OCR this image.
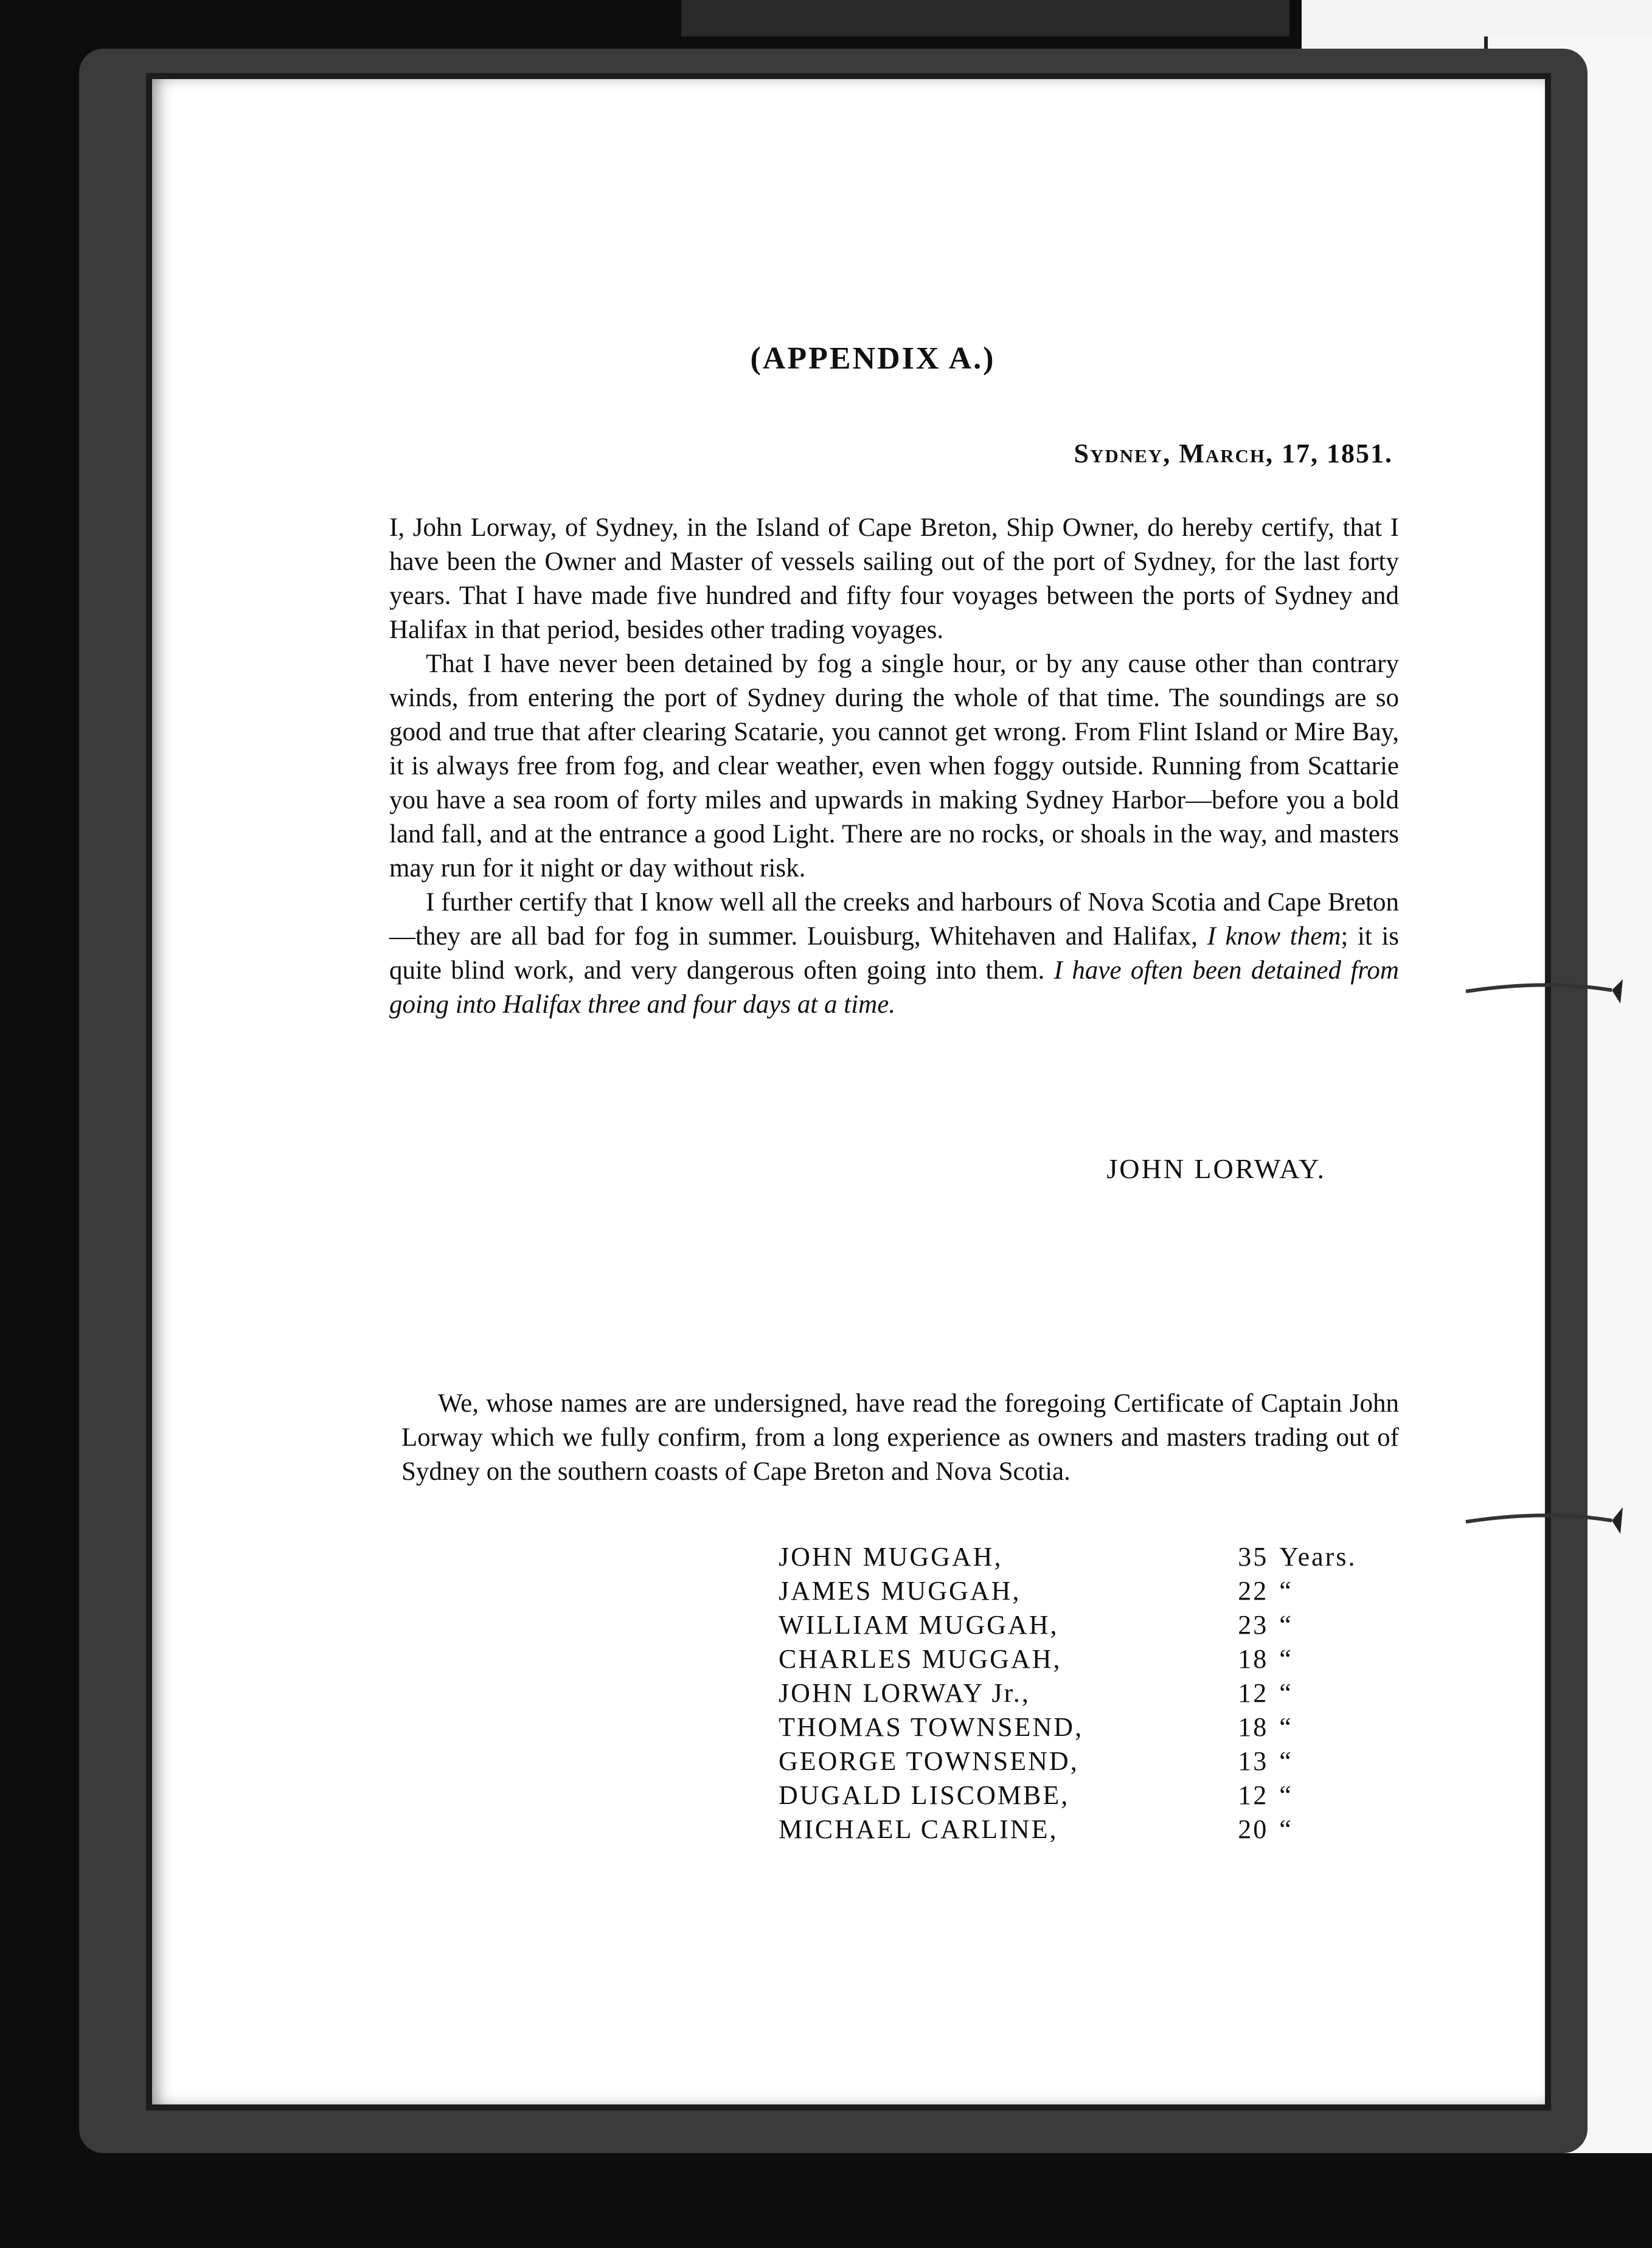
(APPENDIX A.)
Sydney, March, 17, 1851.

I, John Lorway, of Sydney, in the Island of Cape Breton, Ship Owner, do hereby certify, that I have been the Owner and Master of vessels sailing out of the port of Sydney, for the last forty years. That I have made five hundred and fifty four voyages between the ports of Sydney and Halifax in that period, besides other trading voyages.

That I have never been detained by fog a single hour, or by any cause other than contrary winds, from entering the port of Sydney during the whole of that time. The soundings are so good and true that after clearing Scatarie, you cannot get wrong. From Flint Island or Mire Bay, it is always free from fog, and clear weather, even when foggy outside. Running from Scattarie you have a sea room of forty miles and upwards in making Sydney Harbor—before you a bold land fall, and at the entrance a good Light. There are no rocks, or shoals in the way, and masters may run for it night or day without risk.

I further certify that I know well all the creeks and harbours of Nova Scotia and Cape Breton—they are all bad for fog in summer. Louisburg, Whitehaven and Halifax, I know them; it is quite blind work, and very dangerous often going into them. I have often been detained from going into Halifax three and four days at a time.

JOHN LORWAY.

We, whose names are are undersigned, have read the foregoing Certificate of Captain John Lorway which we fully confirm, from a long experience as owners and masters trading out of Sydney on the southern coasts of Cape Breton and Nova Scotia.

JOHN MUGGAH,	35 Years.
JAMES MUGGAH,	22 “
WILLIAM MUGGAH,	23 “
CHARLES MUGGAH,	18 “
JOHN LORWAY Jr.,	12 “
THOMAS TOWNSEND,	18 “
GEORGE TOWNSEND,	13 “
DUGALD LISCOMBE,	12 “
MICHAEL CARLINE,	20 “
